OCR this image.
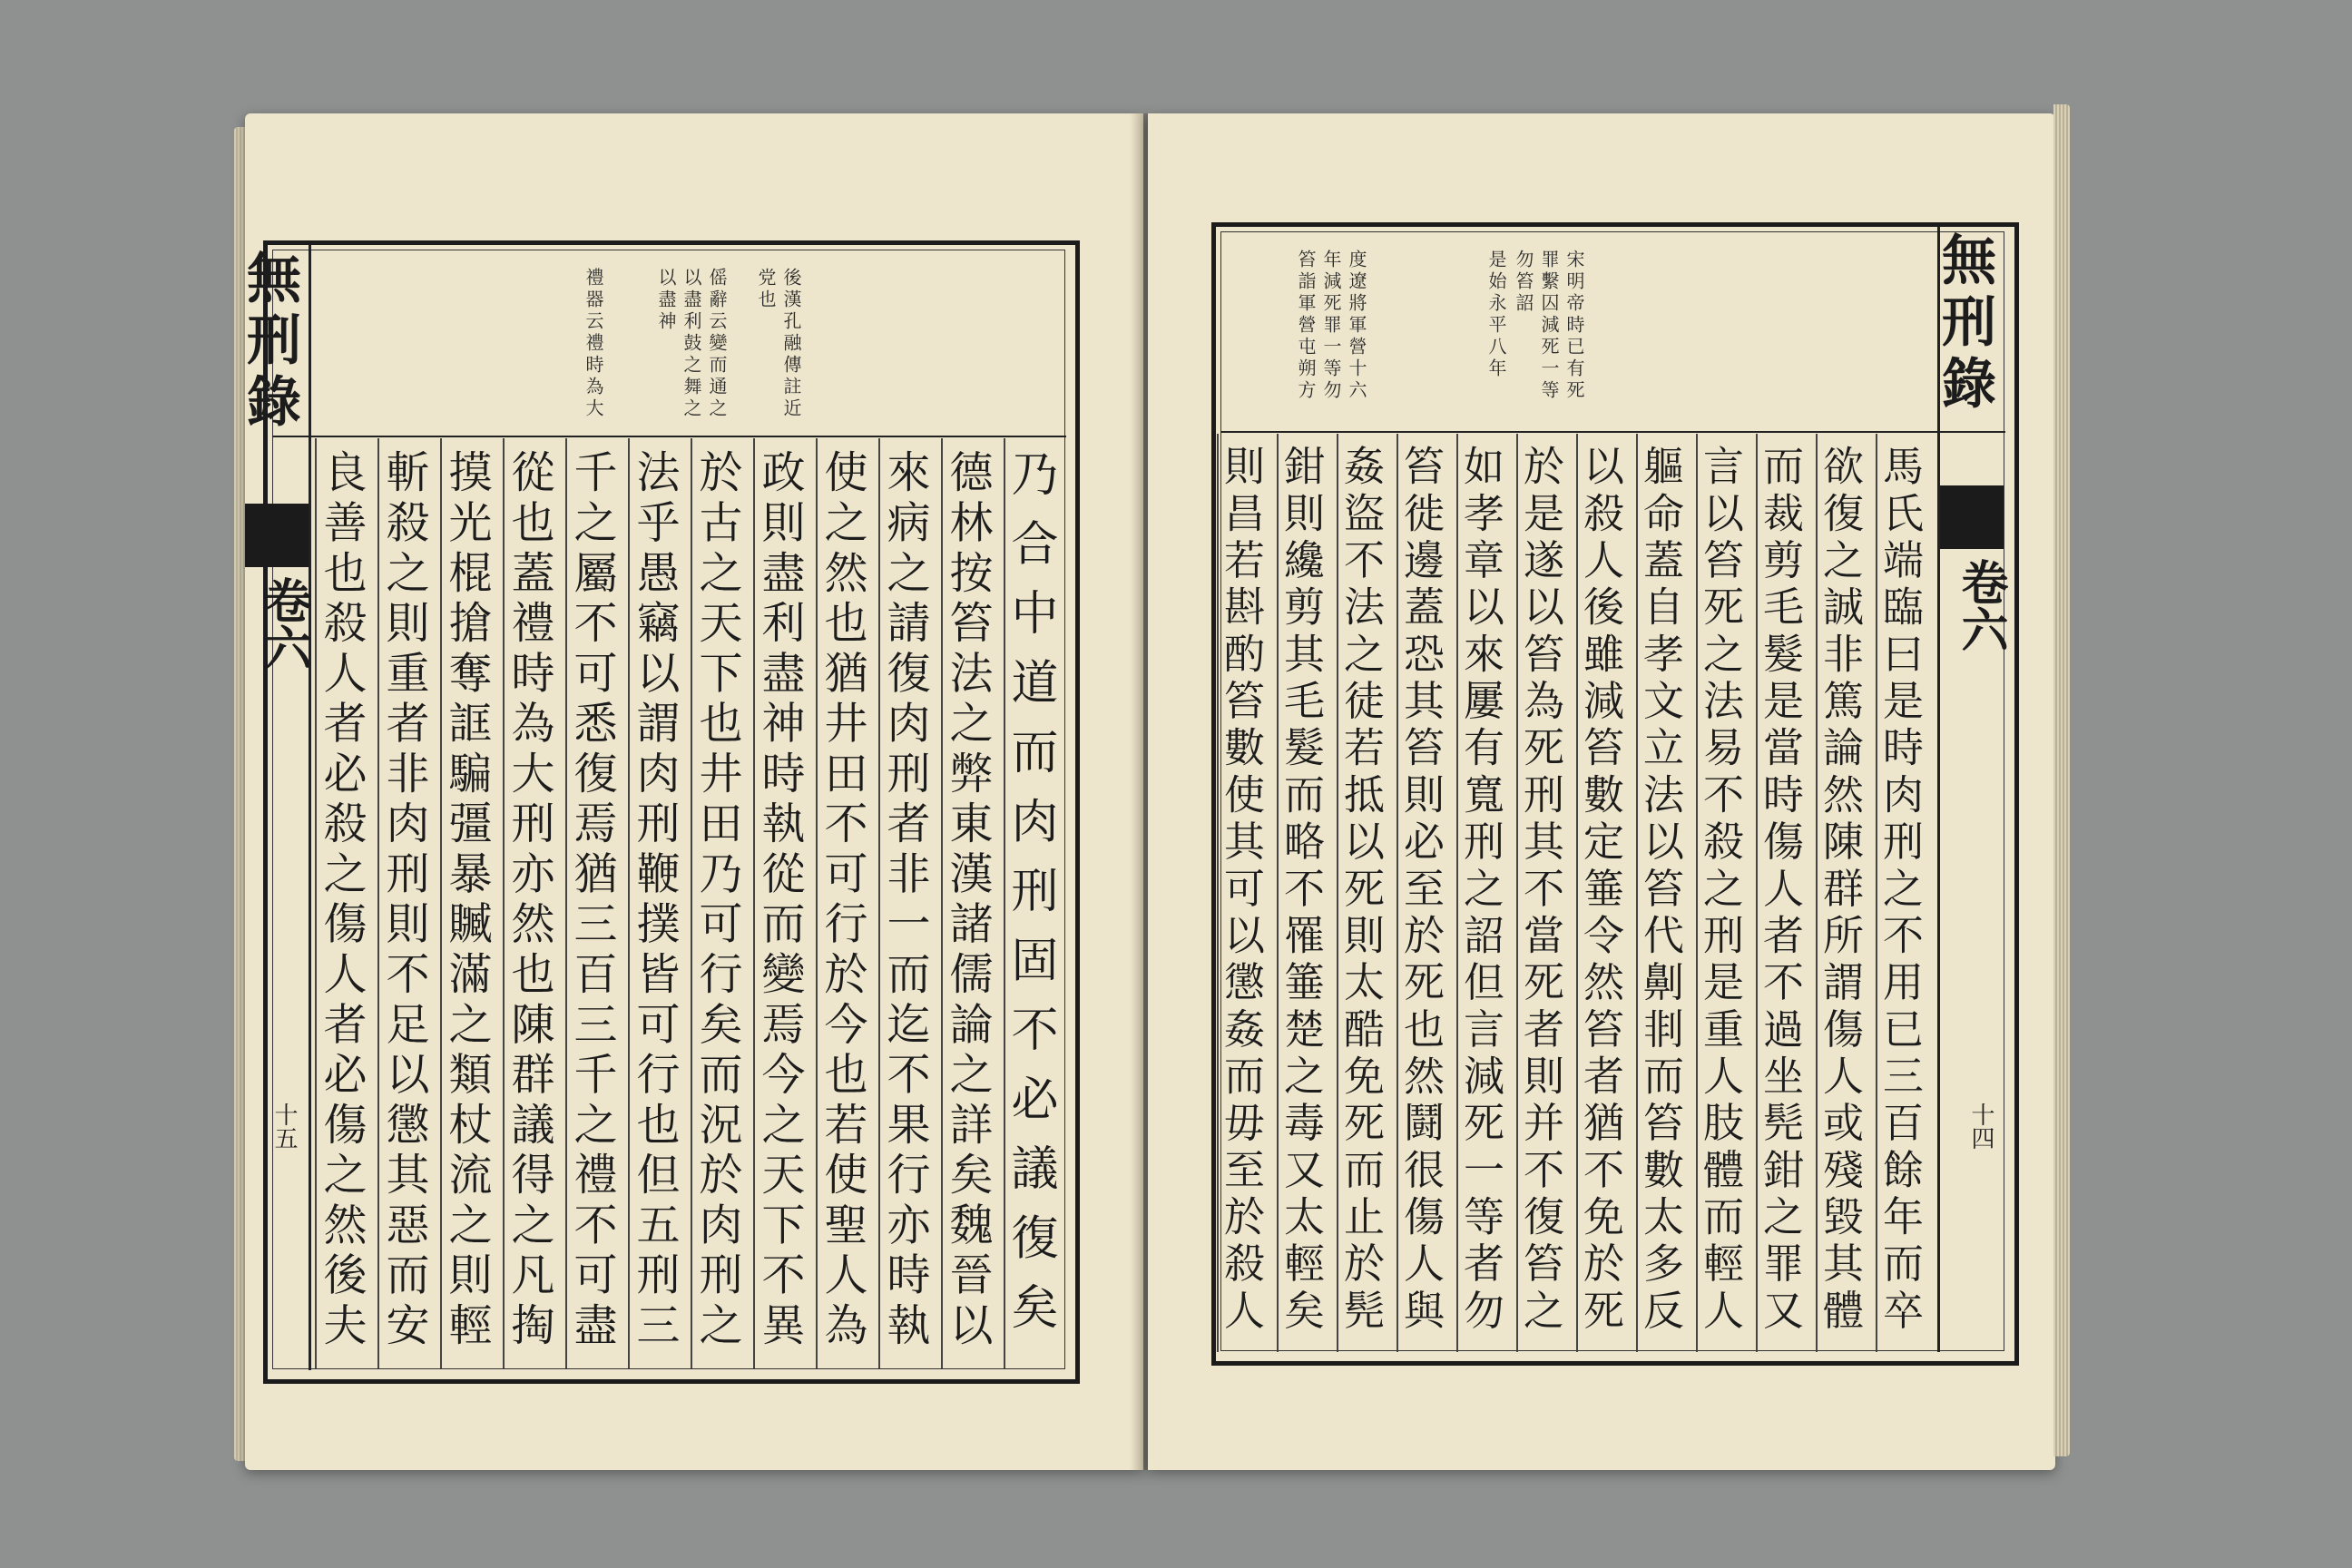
無刑錄
卷六
十五
後漢孔融傳註近党也
傜辭云變而通之以盡利鼓之舞之以盡神
禮器云禮時為大
乃合中道而肉刑固不必議復矣
德林按笞法之弊東漢諸儒論之詳矣魏晉以
來病之請復肉刑者非一而迄不果行亦時執
使之然也猶井田不可行於今也若使聖人為
政則盡利盡神時執從而變焉今之天下不異
於古之天下也井田乃可行矣而況於肉刑之
法乎愚竊以謂肉刑鞭撲皆可行也但五刑三
千之屬不可悉復焉猶三百三千之禮不可盡
從也蓋禮時為大刑亦然也陳群議得之凡掏
摸光棍搶奪誆騙彊暴贓滿之類杖流之則輕
斬殺之則重者非肉刑則不足以懲其惡而安
良善也殺人者必殺之傷人者必傷之然後夫
無刑錄
卷六
十四
宋明帝時已有死罪繫囚減死一等勿笞詔
是始永平八年
度遼將軍營十六年減死罪一等勿笞詣軍營屯朔方
馬氏端臨曰是時肉刑之不用已三百餘年而卒
欲復之誠非篤論然陳群所謂傷人或殘毀其體
而裁剪毛髮是當時傷人者不過坐髡鉗之罪又
言以笞死之法易不殺之刑是重人肢體而輕人
軀命蓋自孝文立法以笞代劓剕而笞數太多反
以殺人後雖減笞數定箠令然笞者猶不免於死
於是遂以笞為死刑其不當死者則并不復笞之
如孝章以來屢有寬刑之詔但言減死一等者勿
笞徙邊蓋恐其笞則必至於死也然鬪很傷人與
姦盜不法之徒若抵以死則太酷免死而止於髡
鉗則纔剪其毛髮而略不罹箠楚之毒又太輕矣
則昌若斟酌笞數使其可以懲姦而毋至於殺人
